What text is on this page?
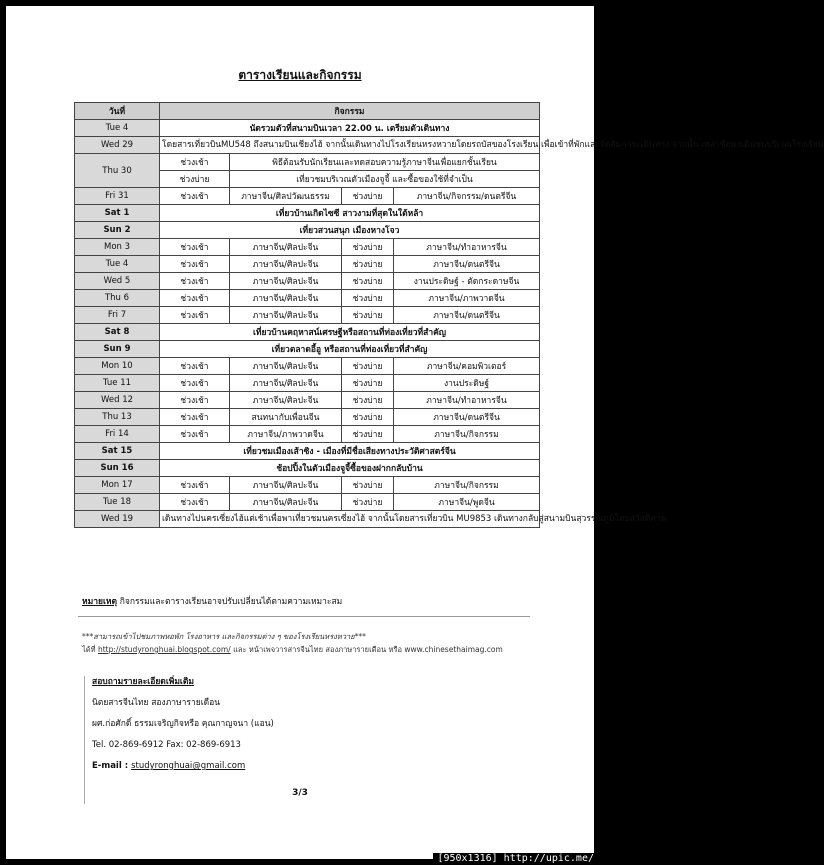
ตารางเรียนและกิจกรรม
วันที่	กิจกรรม			
Tue 4	นัดรวมตัวที่สนามบินเวลา 22.00 น. เตรียมตัวเดินทาง			
Wed 29	โดยสารเที่ยวบินMU548 ถึงสนามบินเชียงไฮ้ จากนั้นเดินทางไปโรงเรียนหรงหวายโดยรถบัสของโรงเรียน เพื่อเข้าที่พักและจัดสัมภาระเดินทาง จากนั้น เหล่าซือพาเดินชมบริเวณโรงเรียน			
Thu 30	ช่วงเช้า	พิธีต้อนรับนักเรียนและทดสอบความรู้ภาษาจีนเพื่อแยกชั้นเรียน		
	ช่วงบ่าย	เที่ยวชมบริเวณตัวเมืองจูจี้ และซื้อของใช้ที่จำเป็น		
Fri 31	ช่วงเช้า	ภาษาจีน/ศิลปวัฒนธรรม	ช่วงบ่าย	ภาษาจีน/กิจกรรม/ดนตรีจีน
Sat 1	เที่ยวบ้านเกิดไซซี สาวงามที่สุดในใต้หล้า			
Sun 2	เที่ยวสวนสนุก เมืองหางโจว			
Mon 3	ช่วงเช้า	ภาษาจีน/ศิลปะจีน	ช่วงบ่าย	ภาษาจีน/ทำอาหารจีน
Tue 4	ช่วงเช้า	ภาษาจีน/ศิลปะจีน	ช่วงบ่าย	ภาษาจีน/ดนตรีจีน
Wed 5	ช่วงเช้า	ภาษาจีน/ศิลปะจีน	ช่วงบ่าย	งานประดิษฐ์ - ตัดกระดาษจีน
Thu 6	ช่วงเช้า	ภาษาจีน/ศิลปะจีน	ช่วงบ่าย	ภาษาจีน/ภาพวาดจีน
Fri 7	ช่วงเช้า	ภาษาจีน/ศิลปะจีน	ช่วงบ่าย	ภาษาจีน/ดนตรีจีน
Sat 8	เที่ยวบ้านคฤหาสน์เศรษฐีหรือสถานที่ท่องเที่ยวที่สำคัญ			
Sun 9	เที่ยวตลาดอี้อู หรือสถานที่ท่องเที่ยวที่สำคัญ			
Mon 10	ช่วงเช้า	ภาษาจีน/ศิลปะจีน	ช่วงบ่าย	ภาษาจีน/คอมพิวเตอร์
Tue 11	ช่วงเช้า	ภาษาจีน/ศิลปะจีน	ช่วงบ่าย	งานประดิษฐ์
Wed 12	ช่วงเช้า	ภาษาจีน/ศิลปะจีน	ช่วงบ่าย	ภาษาจีน/ทำอาหารจีน
Thu 13	ช่วงเช้า	สนทนากับเพื่อนจีน	ช่วงบ่าย	ภาษาจีน/ดนตรีจีน
Fri 14	ช่วงเช้า	ภาษาจีน/ภาพวาดจีน	ช่วงบ่าย	ภาษาจีน/กิจกรรม
Sat 15	เที่ยวชมเมืองเส้าซิง - เมืองที่มีชื่อเสียงทางประวัติศาสตร์จีน			
Sun 16	ช้อปปิ้งในตัวเมืองจูจี้ซื้อของฝากกลับบ้าน			
Mon 17	ช่วงเช้า	ภาษาจีน/ศิลปะจีน	ช่วงบ่าย	ภาษาจีน/กิจกรรม
Tue 18	ช่วงเช้า	ภาษาจีน/ศิลปะจีน	ช่วงบ่าย	ภาษาจีน/พูดจีน
Wed 19	เดินทางไปนครเซี่ยงไฮ้แต่เช้าเพื่อพาเที่ยวชมนครเซี่ยงไฮ้ จากนั้นโดยสารเที่ยวบิน MU9853 เดินทางกลับสู่สนามบินสุวรรณภูมิโดยสวัสดิภาพ			
หมายเหตุ กิจกรรมและตารางเรียนอาจปรับเปลี่ยนได้ตามความเหมาะสม
***สามารถเข้าไปชมภาพหอพัก โรงอาหาร และกิจกรรมต่าง ๆ ของโรงเรียนหรงหวาย***
ได้ที่ http://studyronghuai.blogspot.com/ และ หน้าเพจวารสารจีนไทย สองภาษารายเดือน หรือ www.chinesethaimag.com
สอบถามรายละเอียดเพิ่มเติม
นิตยสารจีนไทย สองภาษารายเดือน
ผศ.ก่อศักดิ์ ธรรมเจริญกิจหรือ คุณกาญจนา (แอน)
Tel. 02-869-6912 Fax: 02-869-6913
E-mail : studyronghuai@gmail.com
3/3
[950x1316] http://upic.me/
